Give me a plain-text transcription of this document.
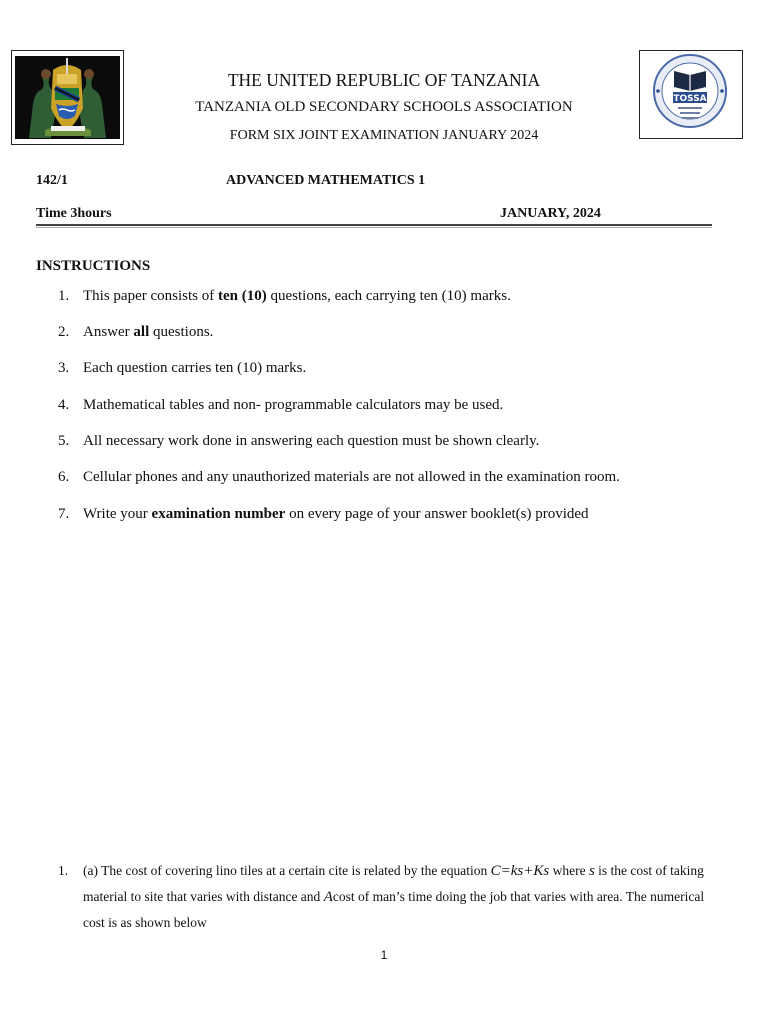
TOSSA
THE UNITED REPUBLIC OF TANZANIA
TANZANIA OLD SECONDARY SCHOOLS ASSOCIATION
FORM SIX JOINT EXAMINATION JANUARY 2024
142/1	ADVANCED MATHEMATICS 1
Time 3hours	JANUARY, 2024
INSTRUCTIONS
1. This paper consists of ten (10) questions, each carrying ten (10) marks.
2. Answer all questions.
3. Each question carries ten (10) marks.
4. Mathematical tables and non- programmable calculators may be used.
5. All necessary work done in answering each question must be shown clearly.
6. Cellular phones and any unauthorized materials are not allowed in the examination room.
7. Write your examination number on every page of your answer booklet(s) provided
1. (a) The cost of covering lino tiles at a certain cite is related by the equation C=ks+Ks where s is the cost of taking material to site that varies with distance and Acost of man’s time doing the job that varies with area. The numerical cost is as shown below
1
